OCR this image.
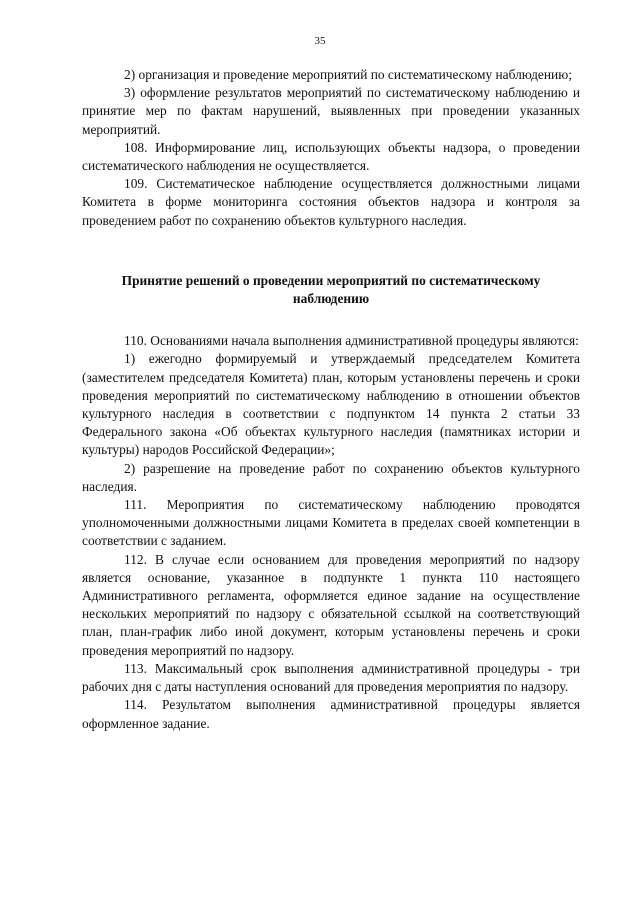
35

2) организация и проведение мероприятий по систематическому наблюдению;

3) оформление результатов мероприятий по систематическому наблюдению и принятие мер по фактам нарушений, выявленных при проведении указанных мероприятий.

108. Информирование лиц, использующих объекты надзора, о проведении систематического наблюдения не осуществляется.

109. Систематическое наблюдение осуществляется должностными лицами Комитета в форме мониторинга состояния объектов надзора и контроля за проведением работ по сохранению объектов культурного наследия.

Принятие решений о проведении мероприятий по систематическому наблюдению

110. Основаниями начала выполнения административной процедуры являются:

1) ежегодно формируемый и утверждаемый председателем Комитета (заместителем председателя Комитета) план, которым установлены перечень и сроки проведения мероприятий по систематическому наблюдению в отношении объектов культурного наследия в соответствии с подпунктом 14 пункта 2 статьи 33 Федерального закона «Об объектах культурного наследия (памятниках истории и культуры) народов Российской Федерации»;

2) разрешение на проведение работ по сохранению объектов культурного наследия.

111. Мероприятия по систематическому наблюдению проводятся уполномоченными должностными лицами Комитета в пределах своей компетенции в соответствии с заданием.

112. В случае если основанием для проведения мероприятий по надзору является основание, указанное в подпункте 1 пункта 110 настоящего Административного регламента, оформляется единое задание на осуществление нескольких мероприятий по надзору с обязательной ссылкой на соответствующий план, план-график либо иной документ, которым установлены перечень и сроки проведения мероприятий по надзору.

113. Максимальный срок выполнения административной процедуры - три рабочих дня с даты наступления оснований для проведения мероприятия по надзору.

114. Результатом выполнения административной процедуры является оформленное задание.
